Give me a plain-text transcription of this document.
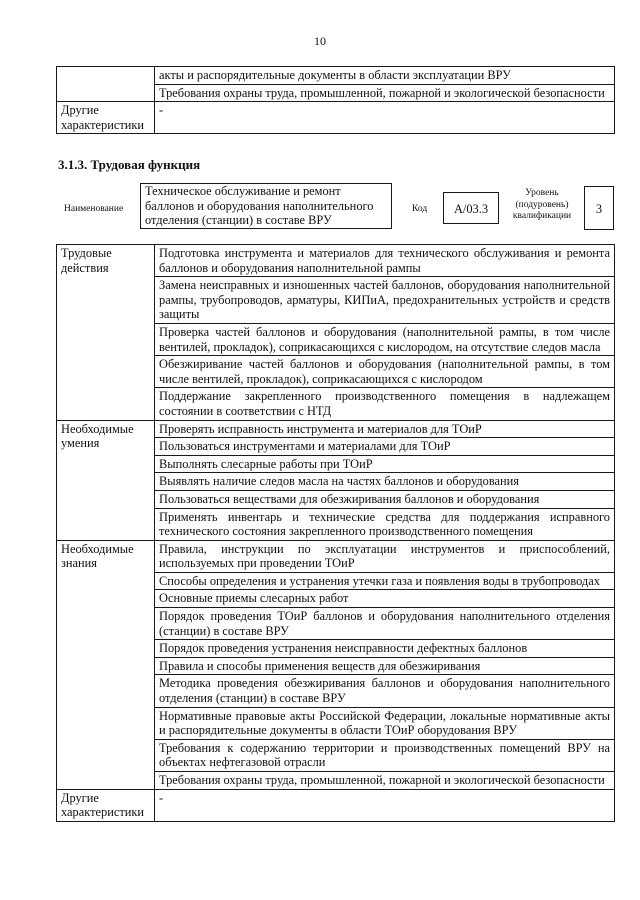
10
	акты и распорядительные документы в области эксплуатации ВРУ
	Требования охраны труда, промышленной, пожарной и экологической безопасности
Другие характеристики	-
3.1.3. Трудовая функция
Наименование
Техническое обслуживание и ремонт баллонов и оборудования наполнительного отделения (станции) в составе ВРУ
Код	A/03.3
Уровень (подуровень) квалификации	3
Трудовые действия	Подготовка инструмента и материалов для технического обслуживания и ремонта баллонов и оборудования наполнительной рампы
	Замена неисправных и изношенных частей баллонов, оборудования наполнительной рампы, трубопроводов, арматуры, КИПиА, предохранительных устройств и средств защиты
	Проверка частей баллонов и оборудования (наполнительной рампы, в том числе вентилей, прокладок), соприкасающихся с кислородом, на отсутствие следов масла
	Обезжиривание частей баллонов и оборудования (наполнительной рампы, в том числе вентилей, прокладок), соприкасающихся с кислородом
	Поддержание закрепленного производственного помещения в надлежащем состоянии в соответствии с НТД
Необходимые умения	Проверять исправность инструмента и материалов для ТОиР
	Пользоваться инструментами и материалами для ТОиР
	Выполнять слесарные работы при ТОиР
	Выявлять наличие следов масла на частях баллонов и оборудования
	Пользоваться веществами для обезжиривания баллонов и оборудования
	Применять инвентарь и технические средства для поддержания исправного технического состояния закрепленного производственного помещения
Необходимые знания	Правила, инструкции по эксплуатации инструментов и приспособлений, используемых при проведении ТОиР
	Способы определения и устранения утечки газа и появления воды в трубопроводах
	Основные приемы слесарных работ
	Порядок проведения ТОиР баллонов и оборудования наполнительного отделения (станции) в составе ВРУ
	Порядок проведения устранения неисправности дефектных баллонов
	Правила и способы применения веществ для обезжиривания
	Методика проведения обезжиривания баллонов и оборудования наполнительного отделения (станции) в составе ВРУ
	Нормативные правовые акты Российской Федерации, локальные нормативные акты и распорядительные документы в области ТОиР оборудования ВРУ
	Требования к содержанию территории и производственных помещений ВРУ на объектах нефтегазовой отрасли
	Требования охраны труда, промышленной, пожарной и экологической безопасности
Другие характеристики	-
